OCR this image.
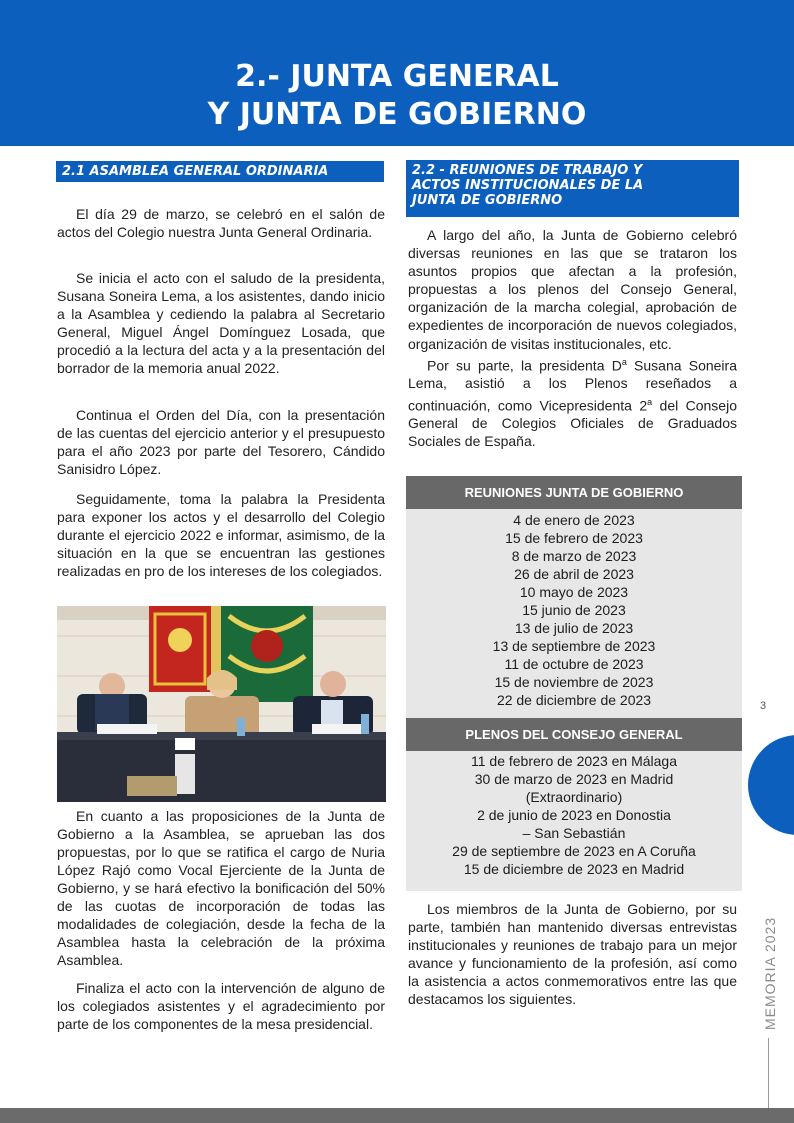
2.- JUNTA GENERAL
Y JUNTA DE GOBIERNO
2.1 ASAMBLEA GENERAL ORDINARIA

El día 29 de marzo, se celebró en el salón de actos del Colegio nuestra Junta General Ordinaria.

Se inicia el acto con el saludo de la presidenta, Susana Soneira Lema, a los asistentes, dando inicio a la Asamblea y cediendo la palabra al Secretario General, Miguel Ángel Domínguez Losada, que procedió a la lectura del acta y a la presentación del borrador de la memoria anual 2022.

Continua el Orden del Día, con la presentación de las cuentas del ejercicio anterior y el presupuesto para el año 2023 por parte del Tesorero, Cándido Sanisidro López.

Seguidamente, toma la palabra la Presidenta para exponer los actos y el desarrollo del Colegio durante el ejercicio 2022 e informar, asimismo, de la situación en la que se encuentran las gestiones realizadas en pro de los intereses de los colegiados.

En cuanto a las proposiciones de la Junta de Gobierno a la Asamblea, se aprueban las dos propuestas, por lo que se ratifica el cargo de Nuria López Rajó como Vocal Ejerciente de la Junta de Gobierno, y se hará efectivo la bonificación del 50% de las cuotas de incorporación de todas las modalidades de colegiación, desde la fecha de la Asamblea hasta la celebración de la próxima Asamblea.

Finaliza el acto con la intervención de alguno de los colegiados asistentes y el agradecimiento por parte de los componentes de la mesa presidencial.

2.2 - REUNIONES DE TRABAJO Y
ACTOS INSTITUCIONALES DE LA
JUNTA DE GOBIERNO

A largo del año, la Junta de Gobierno celebró diversas reuniones en las que se trataron los asuntos propios que afectan a la profesión, propuestas a los plenos del Consejo General, organización de la marcha colegial, aprobación de expedientes de incorporación de nuevos colegiados, organización de visitas institucionales, etc.

Por su parte, la presidenta $D^a$ Susana Soneira Lema, asistió a los Plenos reseñados a continuación, como Vicepresidenta 2$^a$ del Consejo General de Colegios Oficiales de Graduados Sociales de España.

REUNIONES JUNTA DE GOBIERNO
4 de enero de 2023
15 de febrero de 2023
8 de marzo de 2023
26 de abril de 2023
10 mayo de 2023
15 junio de 2023
13 de julio de 2023
13 de septiembre de 2023
11 de octubre de 2023
15 de noviembre de 2023
22 de diciembre de 2023
PLENOS DEL CONSEJO GENERAL
11 de febrero de 2023 en Málaga
30 de marzo de 2023 en Madrid
(Extraordinario)
2 de junio de 2023 en Donostia
– San Sebastián
29 de septiembre de 2023 en A Coruña
15 de diciembre de 2023 en Madrid

Los miembros de la Junta de Gobierno, por su parte, también han mantenido diversas entrevistas institucionales y reuniones de trabajo para un mejor avance y funcionamiento de la profesión, así como la asistencia a actos conmemorativos entre las que destacamos los siguientes.

3
MEMORIA 2023
